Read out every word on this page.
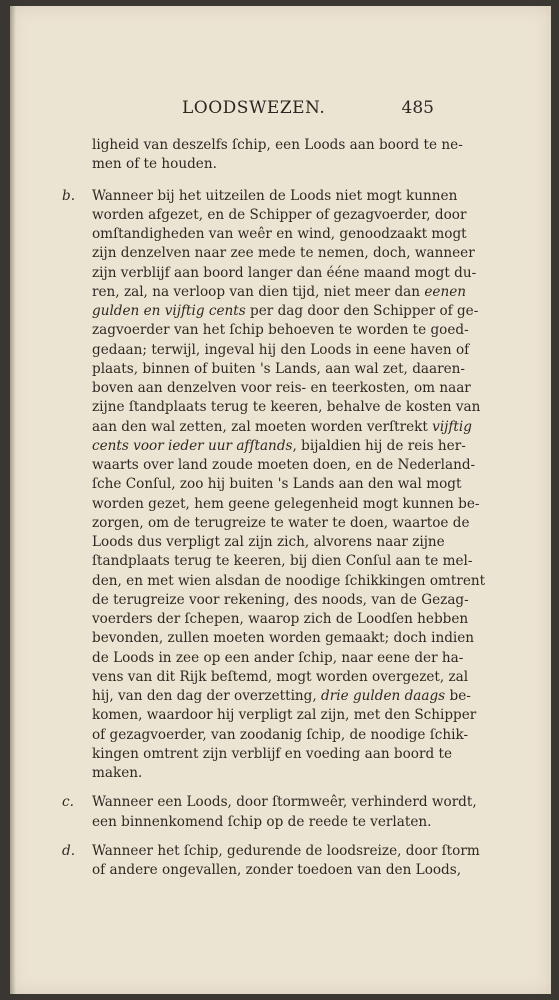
LOODSWEZEN.	485
ligheid van deszelfs ſchip, een Loods aan boord te ne-
men of te houden.
b.	Wanneer bij het uitzeilen de Loods niet mogt kunnen
worden afgezet, en de Schipper of gezagvoerder, door
omſtandigheden van weêr en wind, genoodzaakt mogt
zijn denzelven naar zee mede te nemen, doch, wanneer
zijn verblijf aan boord langer dan ééne maand mogt du-
ren, zal, na verloop van dien tijd, niet meer dan eenen
gulden en vijftig cents per dag door den Schipper of ge-
zagvoerder van het ſchip behoeven te worden te goed-
gedaan; terwijl, ingeval hij den Loods in eene haven of
plaats, binnen of buiten 's Lands, aan wal zet, daaren-
boven aan denzelven voor reis- en teerkosten, om naar
zijne ſtandplaats terug te keeren, behalve de kosten van
aan den wal zetten, zal moeten worden verſtrekt vijftig
cents voor ieder uur afſtands, bijaldien hij de reis her-
waarts over land zoude moeten doen, en de Nederland-
ſche Conſul, zoo hij buiten 's Lands aan den wal mogt
worden gezet, hem geene gelegenheid mogt kunnen be-
zorgen, om de terugreize te water te doen, waartoe de
Loods dus verpligt zal zijn zich, alvorens naar zijne
ſtandplaats terug te keeren, bij dien Conſul aan te mel-
den, en met wien alsdan de noodige ſchikkingen omtrent
de terugreize voor rekening, des noods, van de Gezag-
voerders der ſchepen, waarop zich de Loodſen hebben
bevonden, zullen moeten worden gemaakt; doch indien
de Loods in zee op een ander ſchip, naar eene der ha-
vens van dit Rijk beſtemd, mogt worden overgezet, zal
hij, van den dag der overzetting, drie gulden daags be-
komen, waardoor hij verpligt zal zijn, met den Schipper
of gezagvoerder, van zoodanig ſchip, de noodige ſchik-
kingen omtrent zijn verblijf en voeding aan boord te
maken.
c.	Wanneer een Loods, door ſtormweêr, verhinderd wordt,
een binnenkomend ſchip op de reede te verlaten.
d.	Wanneer het ſchip, gedurende de loodsreize, door ſtorm
of andere ongevallen, zonder toedoen van den Loods,
